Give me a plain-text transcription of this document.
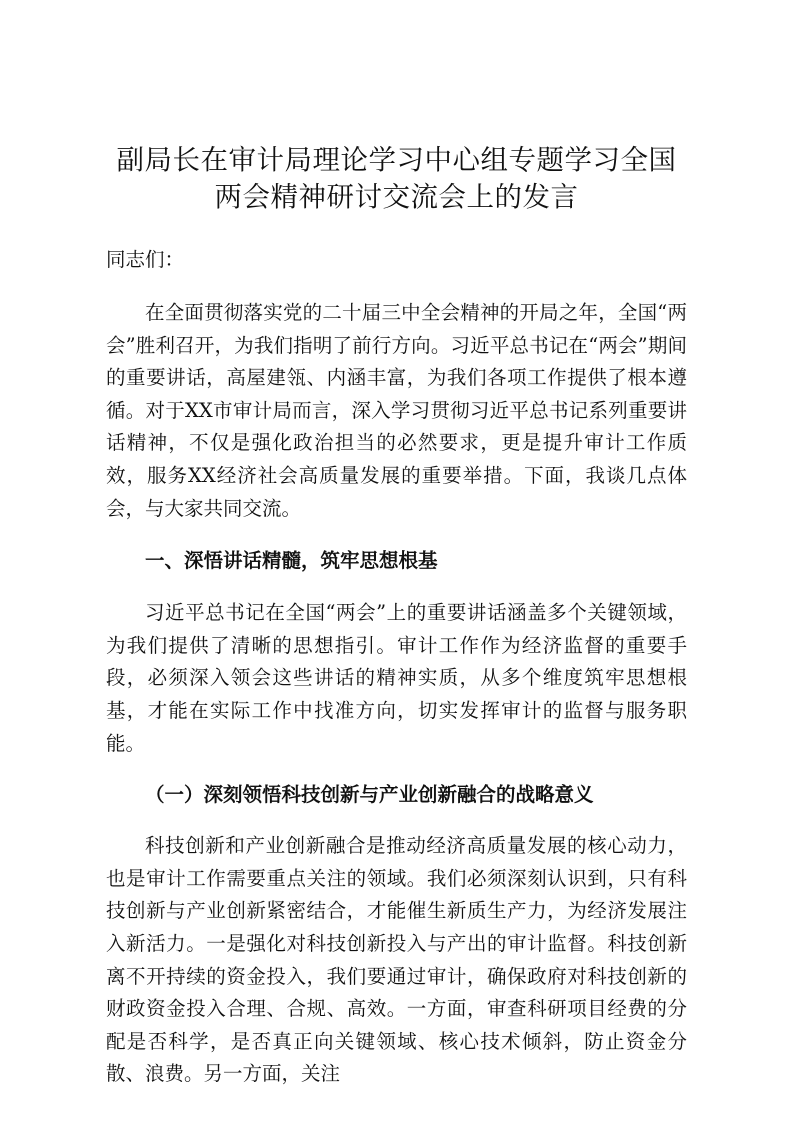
副局长在审计局理论学习中心组专题学习全国
两会精神研讨交流会上的发言

同志们：

在全面贯彻落实党的二十届三中全会精神的开局之年，全国“两会”胜利召开，为我们指明了前行方向。习近平总书记在“两会”期间的重要讲话，高屋建瓴、内涵丰富，为我们各项工作提供了根本遵循。对于XX市审计局而言，深入学习贯彻习近平总书记系列重要讲话精神，不仅是强化政治担当的必然要求，更是提升审计工作质效，服务XX经济社会高质量发展的重要举措。下面，我谈几点体会，与大家共同交流。

一、深悟讲话精髓，筑牢思想根基

习近平总书记在全国“两会”上的重要讲话涵盖多个关键领域，为我们提供了清晰的思想指引。审计工作作为经济监督的重要手段，必须深入领会这些讲话的精神实质，从多个维度筑牢思想根基，才能在实际工作中找准方向，切实发挥审计的监督与服务职能。

（一）深刻领悟科技创新与产业创新融合的战略意义

科技创新和产业创新融合是推动经济高质量发展的核心动力，也是审计工作需要重点关注的领域。我们必须深刻认识到，只有科技创新与产业创新紧密结合，才能催生新质生产力，为经济发展注入新活力。一是强化对科技创新投入与产出的审计监督。科技创新离不开持续的资金投入，我们要通过审计，确保政府对科技创新的财政资金投入合理、合规、高效。一方面，审查科研项目经费的分配是否科学，是否真正向关键领域、核心技术倾斜，防止资金分散、浪费。另一方面，关注
